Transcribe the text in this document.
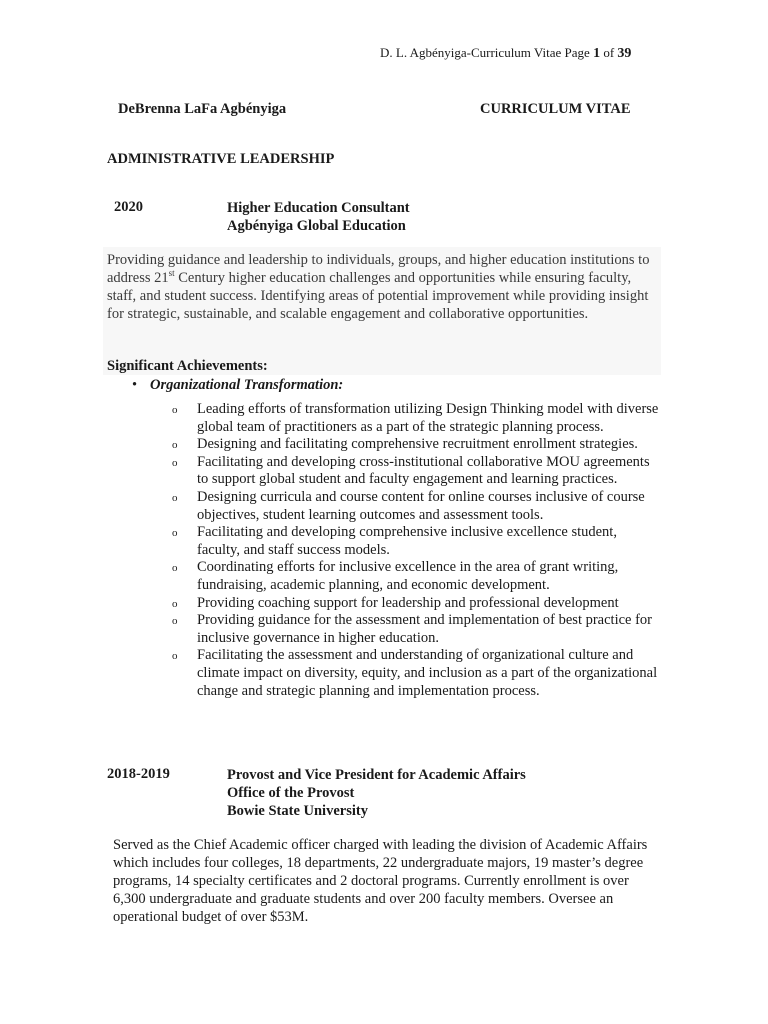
D. L. Agbényiga-Curriculum Vitae Page 1 of 39
DeBrenna LaFa Agbényiga	CURRICULUM VITAE
ADMINISTRATIVE LEADERSHIP
2020	Higher Education Consultant
Agbényiga Global Education
Providing guidance and leadership to individuals, groups, and higher education institutions to address 21st Century higher education challenges and opportunities while ensuring faculty, staff, and student success. Identifying areas of potential improvement while providing insight for strategic, sustainable, and scalable engagement and collaborative opportunities.
Significant Achievements:
• Organizational Transformation:
o Leading efforts of transformation utilizing Design Thinking model with diverse global team of practitioners as a part of the strategic planning process.
o Designing and facilitating comprehensive recruitment enrollment strategies.
o Facilitating and developing cross-institutional collaborative MOU agreements to support global student and faculty engagement and learning practices.
o Designing curricula and course content for online courses inclusive of course objectives, student learning outcomes and assessment tools.
o Facilitating and developing comprehensive inclusive excellence student, faculty, and staff success models.
o Coordinating efforts for inclusive excellence in the area of grant writing, fundraising, academic planning, and economic development.
o Providing coaching support for leadership and professional development
o Providing guidance for the assessment and implementation of best practice for inclusive governance in higher education.
o Facilitating the assessment and understanding of organizational culture and climate impact on diversity, equity, and inclusion as a part of the organizational change and strategic planning and implementation process.
2018-2019	Provost and Vice President for Academic Affairs
Office of the Provost
Bowie State University
Served as the Chief Academic officer charged with leading the division of Academic Affairs which includes four colleges, 18 departments, 22 undergraduate majors, 19 master’s degree programs, 14 specialty certificates and 2 doctoral programs. Currently enrollment is over 6,300 undergraduate and graduate students and over 200 faculty members. Oversee an operational budget of over $53M.
